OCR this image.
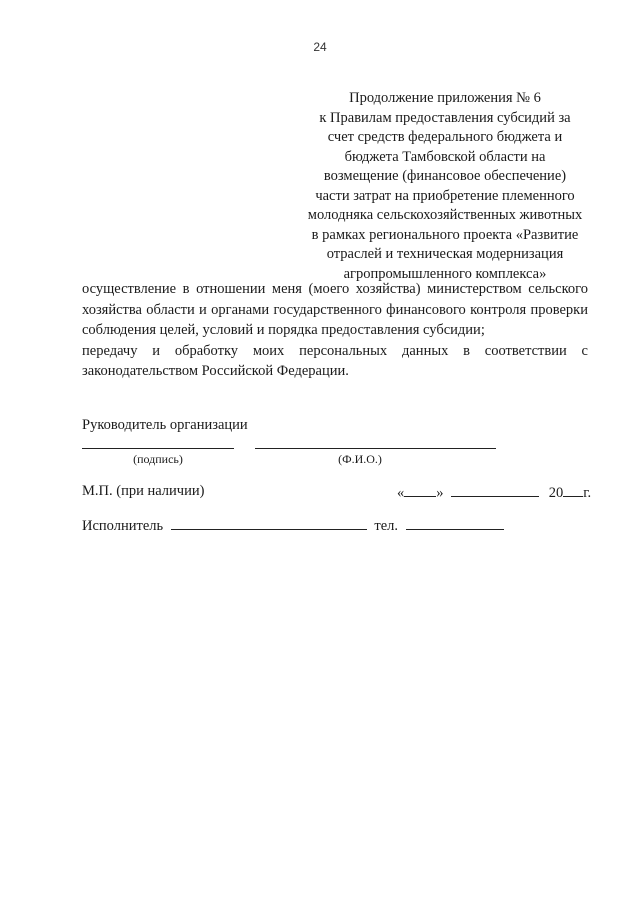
24
Продолжение приложения № 6
к Правилам предоставления субсидий за
счет средств федерального бюджета и
бюджета Тамбовской области на
возмещение (финансовое обеспечение)
части затрат на приобретение племенного
молодняка сельскохозяйственных животных
в рамках регионального проекта «Развитие
отраслей и техническая модернизация
агропромышленного комплекса»
осуществление в отношении меня (моего хозяйства) министерством сельского хозяйства области и органами государственного финансового контроля проверки соблюдения целей, условий и порядка предоставления субсидии;
передачу и обработку моих персональных данных в соответствии с законодательством Российской Федерации.
Руководитель организации
(подпись)	(Ф.И.О.)
М.П. (при наличии)	« »	20 г.
Исполнитель	тел.
